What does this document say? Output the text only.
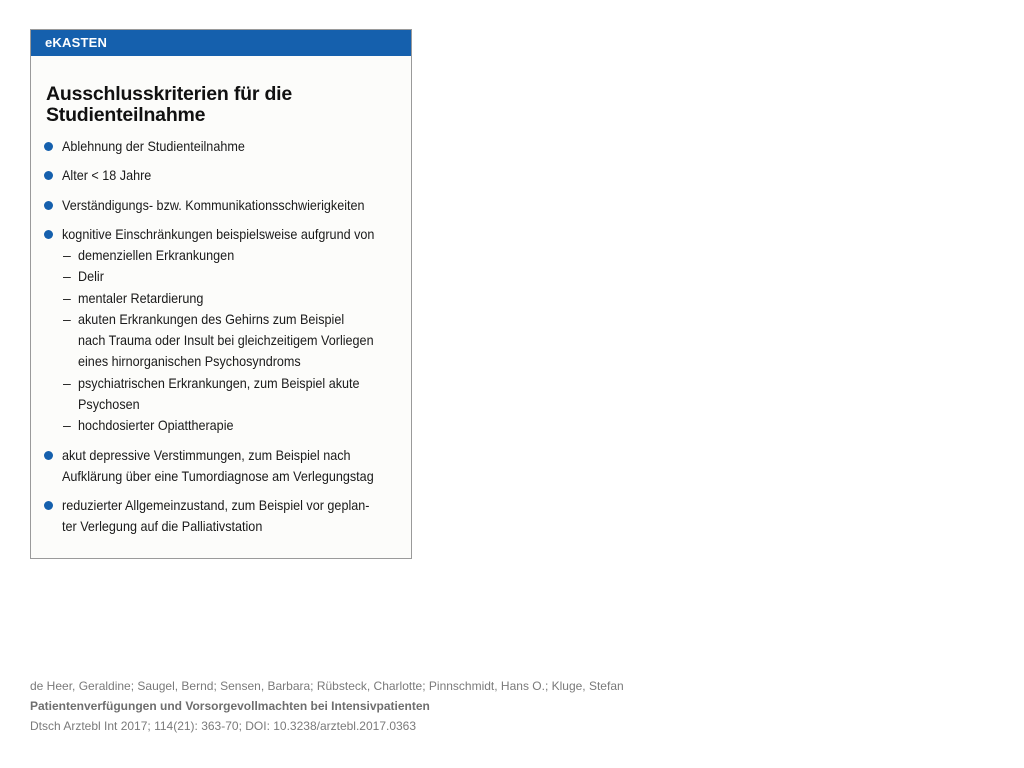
eKASTEN
Ausschlusskriterien für die
Studienteilnahme
Ablehnung der Studienteilnahme
Alter < 18 Jahre
Verständigungs- bzw. Kommunikationsschwierigkeiten
kognitive Einschränkungen beispielsweise aufgrund von
– demenziellen Erkrankungen
– Delir
– mentaler Retardierung
– akuten Erkrankungen des Gehirns zum Beispiel
nach Trauma oder Insult bei gleichzeitigem Vorliegen
eines hirnorganischen Psychosyndroms
– psychiatrischen Erkrankungen, zum Beispiel akute
Psychosen
– hochdosierter Opiattherapie
akut depressive Verstimmungen, zum Beispiel nach
Aufklärung über eine Tumordiagnose am Verlegungstag
reduzierter Allgemeinzustand, zum Beispiel vor geplan-
ter Verlegung auf die Palliativstation
de Heer, Geraldine; Saugel, Bernd; Sensen, Barbara; Rübsteck, Charlotte; Pinnschmidt, Hans O.; Kluge, Stefan
Patientenverfügungen und Vorsorgevollmachten bei Intensivpatienten
Dtsch Arztebl Int 2017; 114(21): 363-70; DOI: 10.3238/arztebl.2017.0363
